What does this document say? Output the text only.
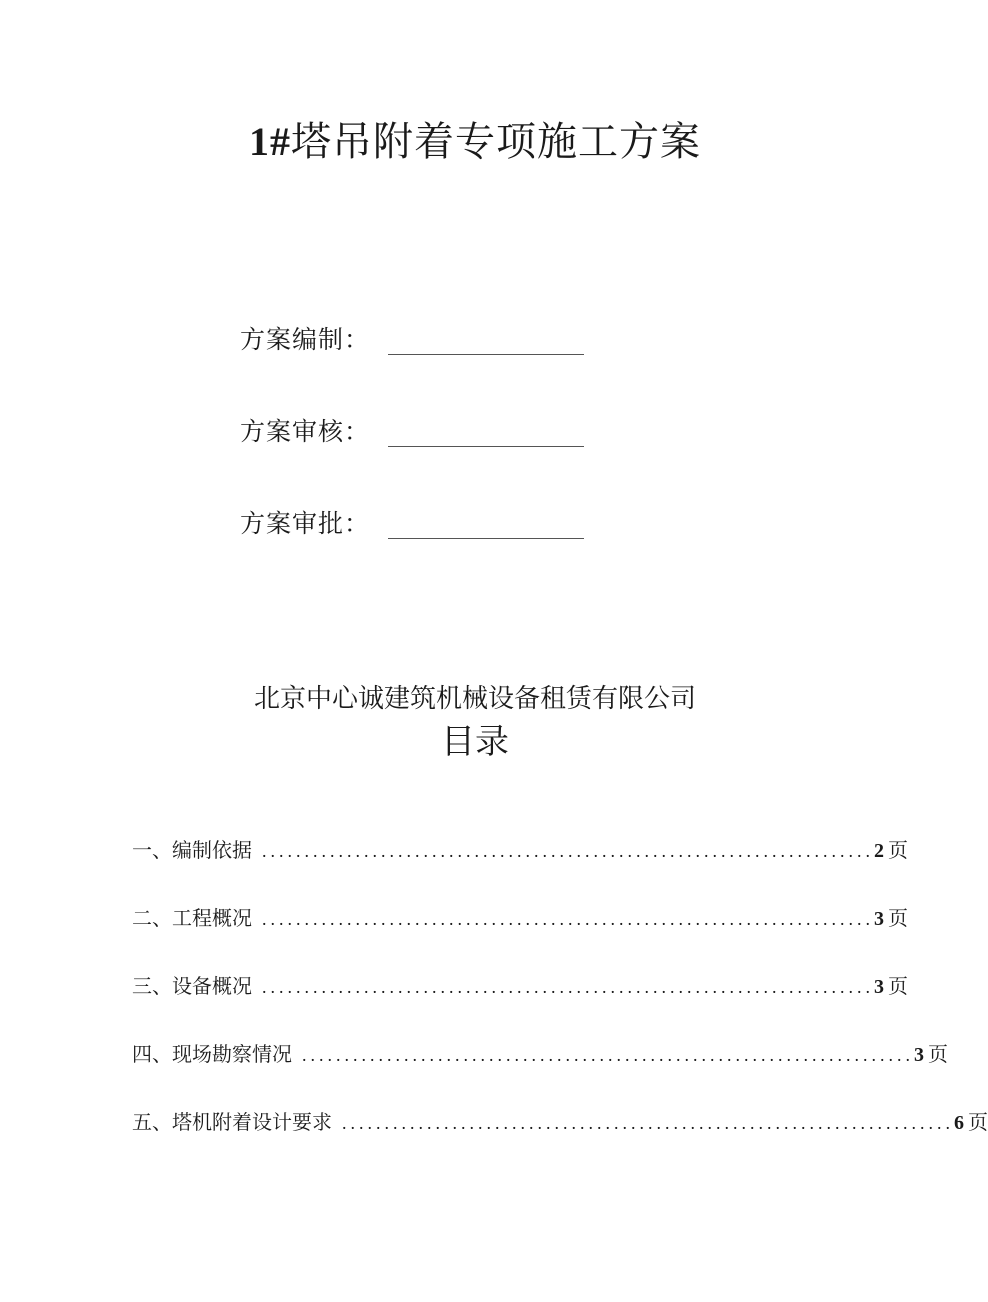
1#塔吊附着专项施工方案
方案编制：
方案审核：
方案审批：
北京中心诚建筑机械设备租赁有限公司
目录
一、编制依据 ........................................................................ 2 页
二、工程概况 ........................................................................ 3 页
三、设备概况 ........................................................................ 3 页
四、现场勘察情况 ........................................................................ 3 页
五、塔机附着设计要求 ........................................................................ 6 页
